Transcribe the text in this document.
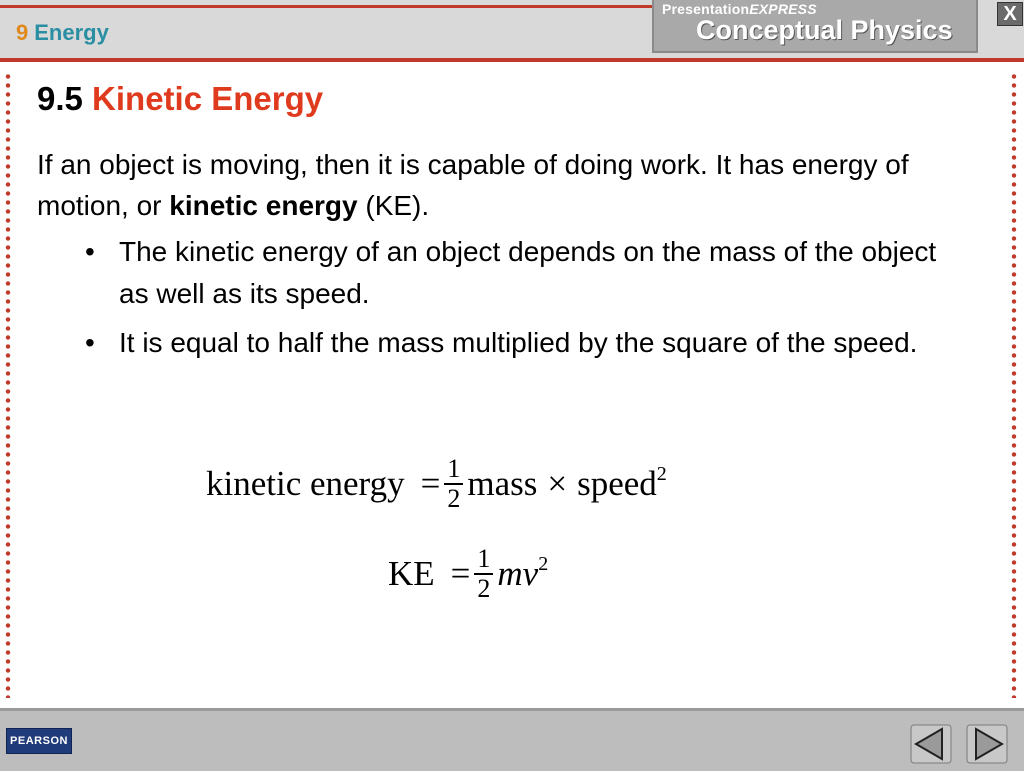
9 Energy
PresentationEXPRESS
Conceptual Physics
X
9.5 Kinetic Energy
If an object is moving, then it is capable of doing work. It has energy of motion, or kinetic energy (KE).
• The kinetic energy of an object depends on the mass of the object as well as its speed.
• It is equal to half the mass multiplied by the square of the speed.
kinetic energy = $\frac{1}{2}$ mass × speed 2
KE = $\frac{1}{2}$ mv 2
PEARSON
